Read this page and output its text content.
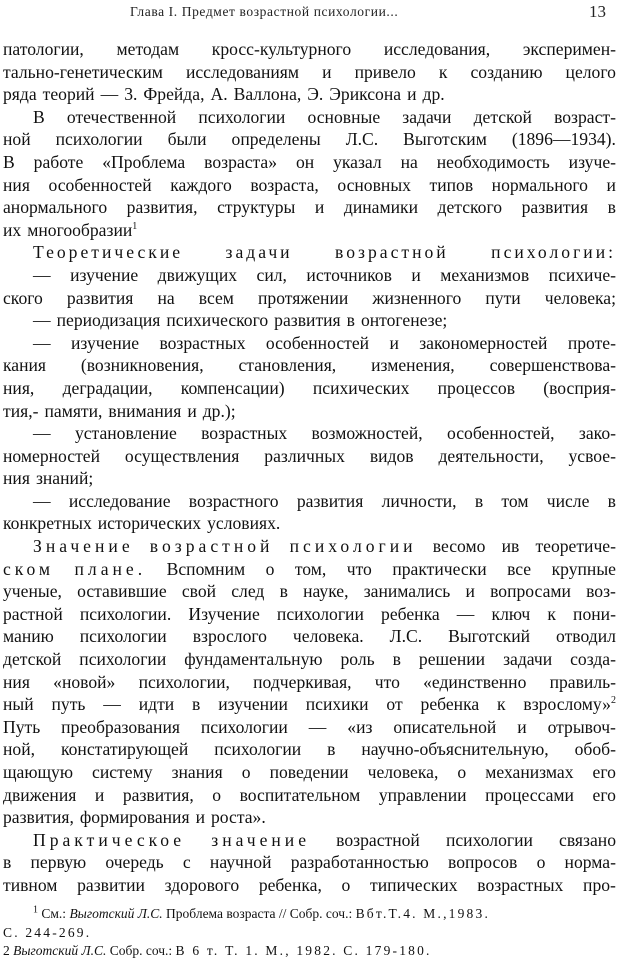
Глава I. Предмет возрастной психологии...	13
патологии, методам кросс-культурного исследования, эксперимен-
тально-генетическим исследованиям и привело к созданию целого
ряда теорий — 3. Фрейда, А. Валлона, Э. Эриксона и др.
В отечественной психологии основные задачи детской возраст-
ной психологии были определены Л.С. Выготским (1896—1934).
В работе «Проблема возраста» он указал на необходимость изуче-
ния особенностей каждого возраста, основных типов нормального и
анормального развития, структуры и динамики детского развития в
их многообразии$^1$
Теоретические задачи возрастной психологии:
— изучение движущих сил, источников и механизмов психиче-
ского развития на всем протяжении жизненного пути человека;
— периодизация психического развития в онтогенезе;
— изучение возрастных особенностей и закономерностей проте-
кания (возникновения, становления, изменения, совершенствова-
ния, деградации, компенсации) психических процессов (восприя-
тия,- памяти, внимания и др.);
— установление возрастных возможностей, особенностей, зако-
номерностей осуществления различных видов деятельности, усвое-
ния знаний;
— исследование возрастного развития личности, в том числе в
конкретных исторических условиях.
Значение возрастной психологии весомо ив теоретиче-
ском плане. Вспомним о том, что практически все крупные
ученые, оставившие свой след в науке, занимались и вопросами воз-
растной психологии. Изучение психологии ребенка — ключ к пони-
манию психологии взрослого человека. Л.С. Выготский отводил
детской психологии фундаментальную роль в решении задачи созда-
ния «новой» психологии, подчеркивая, что «единственно правиль-
ный путь — идти в изучении психики от ребенка к взрослому»$^2$
Путь преобразования психологии — «из описательной и отрывоч-
ной, констатирующей психологии в научно-объяснительную, обоб-
щающую систему знания о поведении человека, о механизмах его
движения и развития, о воспитательном управлении процессами его
развития, формирования и роста».
Практическое значение возрастной психологии связано
в первую очередь с научной разработанностью вопросов о норма-
тивном развитии здорового ребенка, о типических возрастных про-
$^1$ См.: Выготский Л.С. Проблема возраста // Собр. соч.: Вбт.Т.4. М.,1983.
С. 244-269.
2 Выготский Л.С. Собр. соч.: В 6 т. Т. 1. М., 1982. С. 179-180.
